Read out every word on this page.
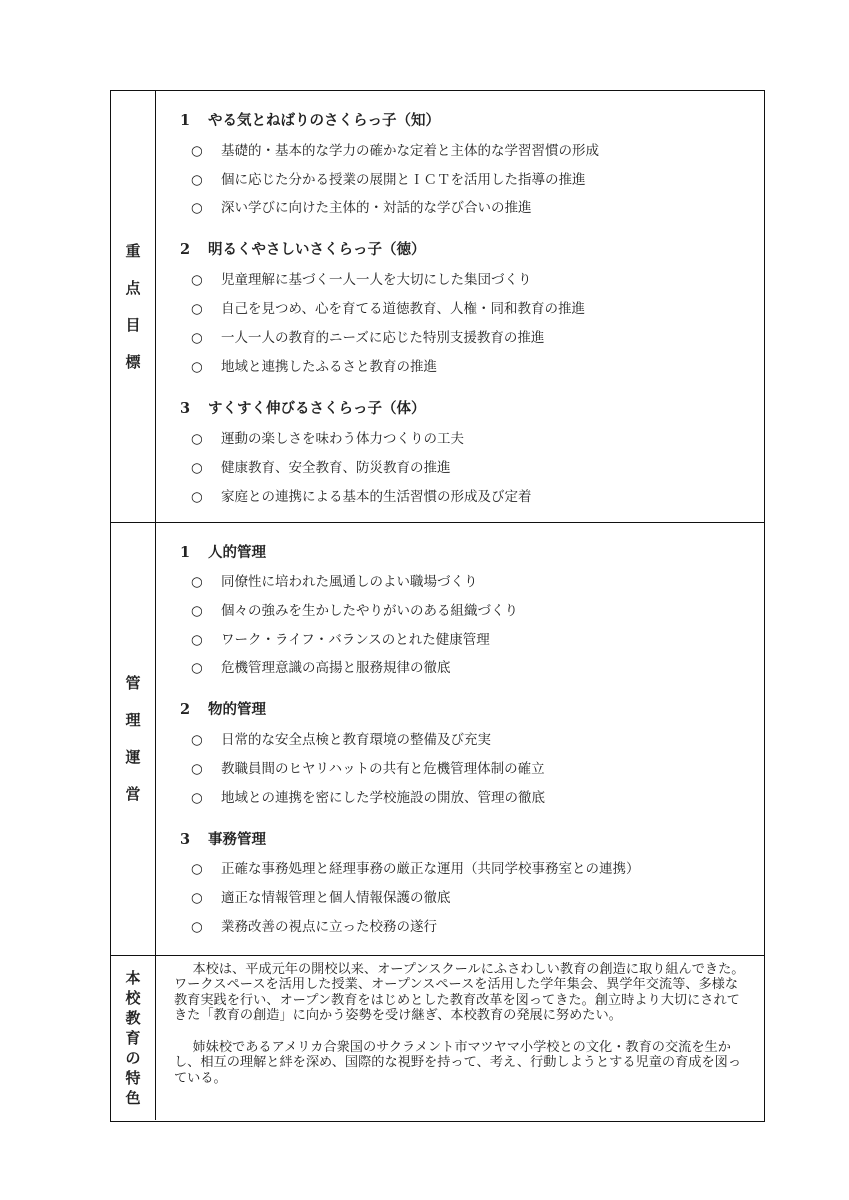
重
点
目
標
1 やる気とねばりのさくらっ子（知）
○ 基礎的・基本的な学力の確かな定着と主体的な学習習慣の形成
○ 個に応じた分かる授業の展開とＩＣＴを活用した指導の推進
○ 深い学びに向けた主体的・対話的な学び合いの推進
2 明るくやさしいさくらっ子（徳）
○ 児童理解に基づく一人一人を大切にした集団づくり
○ 自己を見つめ、心を育てる道徳教育、人権・同和教育の推進
○ 一人一人の教育的ニーズに応じた特別支援教育の推進
○ 地域と連携したふるさと教育の推進
3 すくすく伸びるさくらっ子（体）
○ 運動の楽しさを味わう体力つくりの工夫
○ 健康教育、安全教育、防災教育の推進
○ 家庭との連携による基本的生活習慣の形成及び定着
管
理
運
営
1 人的管理
○ 同僚性に培われた風通しのよい職場づくり
○ 個々の強みを生かしたやりがいのある組織づくり
○ ワーク・ライフ・バランスのとれた健康管理
○ 危機管理意識の高揚と服務規律の徹底
2 物的管理
○ 日常的な安全点検と教育環境の整備及び充実
○ 教職員間のヒヤリハットの共有と危機管理体制の確立
○ 地域との連携を密にした学校施設の開放、管理の徹底
3 事務管理
○ 正確な事務処理と経理事務の厳正な運用（共同学校事務室との連携）
○ 適正な情報管理と個人情報保護の徹底
○ 業務改善の視点に立った校務の遂行
本
校
教
育
の
特
色
本校は、平成元年の開校以来、オープンスクールにふさわしい教育の創造に取り組んできた。ワークスペースを活用した授業、オープンスペースを活用した学年集会、異学年交流等、多様な教育実践を行い、オープン教育をはじめとした教育改革を図ってきた。創立時より大切にされてきた「教育の創造」に向かう姿勢を受け継ぎ、本校教育の発展に努めたい。
姉妹校であるアメリカ合衆国のサクラメント市マツヤマ小学校との文化・教育の交流を生かし、相互の理解と絆を深め、国際的な視野を持って、考え、行動しようとする児童の育成を図っている。
